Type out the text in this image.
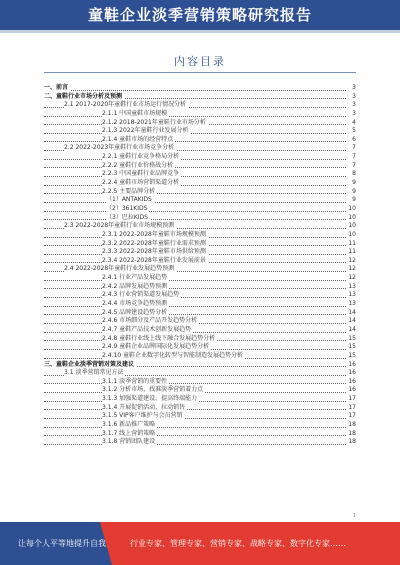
童鞋企业淡季营销策略研究报告
内容目录
一、前言	3
二、童鞋行业市场分析及预测	3
2.1 2017-2020年童鞋行业市场运行情况分析	3
2.1.1 中国童鞋市场规模	3
2.1.2 2018-2021年童鞋行业市场分析	4
2.1.3 2022年童鞋行业发展分析	5
2.1.4 童鞋市场的经营特点	6
2.2 2022-2023年童鞋行业市场竞争分析	7
2.2.1 童鞋行业竞争格局分析	7
2.2.2 童鞋行业价格战分析	7
2.2.3 中国童鞋行业品牌竞争	8
2.2.4 童鞋市场营销渠道分析	9
2.2.5 主要品牌分析	9
（1）ANTAKIDS	9
（2）361KIDS	10
（3）巴拉KIDS	10
2.3 2022-2028年童鞋行业市场规模预测	10
2.3.1 2022-2028年童鞋市场规模预测	10
2.3.2 2022-2028年童鞋行业需求预测	11
2.3.3 2022-2028年童鞋市场供给预测	11
2.3.4 2022-2028年童鞋行业发展前景	12
2.4 2022-2028年童鞋行业发展趋势预测	12
2.4.1 行业产品发展趋势	12
2.4.2 品牌发展趋势预测	13
2.4.3 行业营销渠道发展趋势	13
2.4.4 市场竞争趋势预测	13
2.4.5 品牌建设趋势分析	14
2.4.6 市场细分及产品开发趋势分析	14
2.4.7 童鞋产品技术创新发展趋势	14
2.4.8 童鞋行业线上线下融合发展趋势分析	15
2.4.9 童鞋企业品牌国际化发展趋势分析	15
2.4.10 童鞋企业数字化转型与智能制造发展趋势分析	15
三、童鞋企业淡季营销对策及建议	16
3.1 淡季营销常见方法	16
3.1.1 淡季营销的重要性	16
3.1.2 分析市场，找准淡季营销着力点	16
3.1.3 加强渠道建设，提高终端能力	17
3.1.4 开展促销活动，拉动销售	17
3.1.5 VIP客户维护与会员营销	17
3.1.6 新品推广策略	18
3.1.7 线上营销策略	18
3.1.8 营销团队建设	18
1
让每个人平等地提升自我	行业专家、管理专家、营销专家、战略专家、数字化专家……
